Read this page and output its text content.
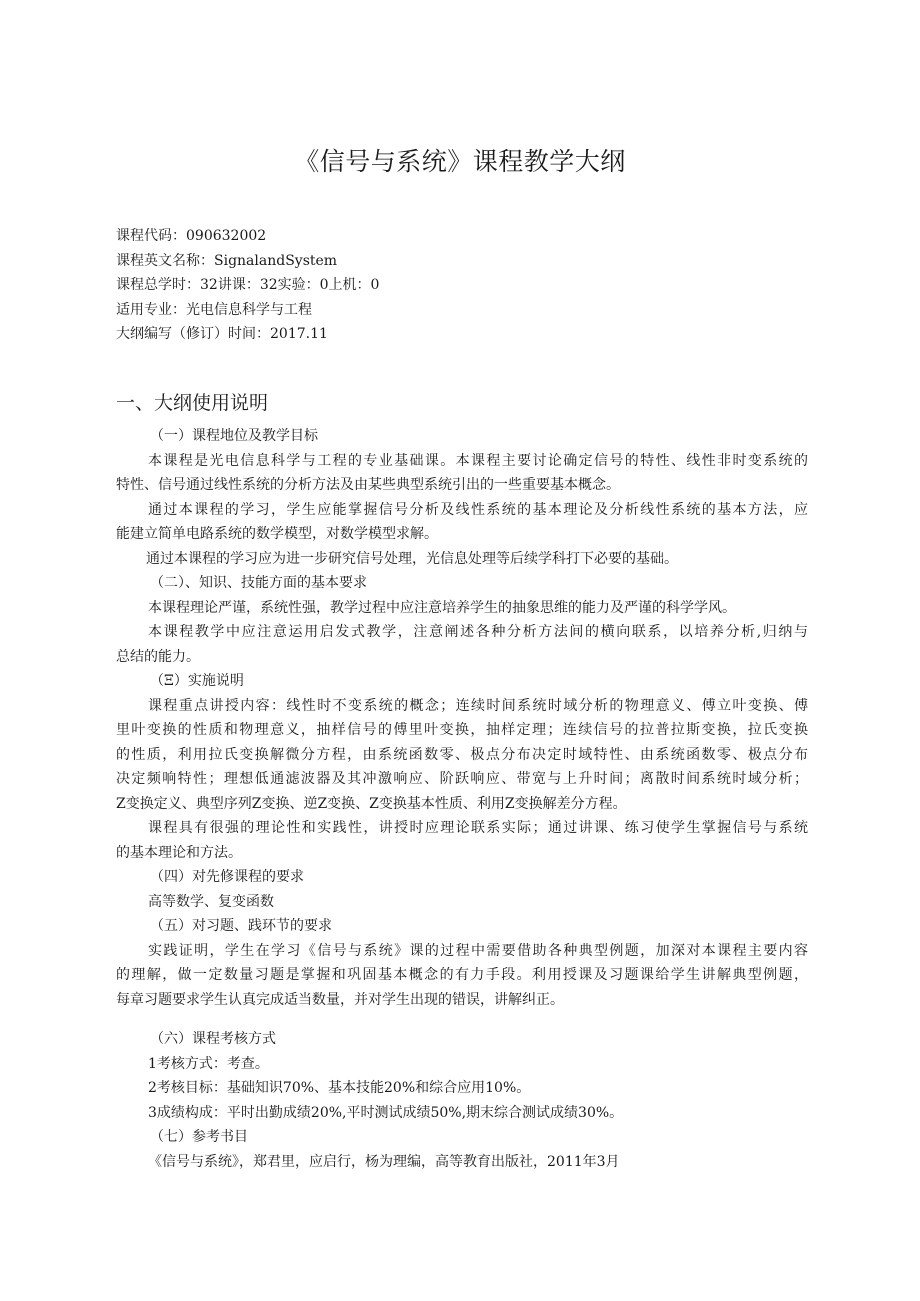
《信号与系统》课程教学大纲
课程代码：090632002
课程英文名称：SignalandSystem
课程总学时：32讲课：32实验：0上机：0
适用专业：光电信息科学与工程
大纲编写（修订）时间：2017.11
一、大纲使用说明
（一）课程地位及教学目标
本课程是光电信息科学与工程的专业基础课。本课程主要讨论确定信号的特性、线性非时变系统的
特性、信号通过线性系统的分析方法及由某些典型系统引出的一些重要基本概念。
通过本课程的学习，学生应能掌握信号分析及线性系统的基本理论及分析线性系统的基本方法，应
能建立简单电路系统的数学模型，对数学模型求解。
通过本课程的学习应为进一步研究信号处理，光信息处理等后续学科打下必要的基础。
（二）、知识、技能方面的基本要求
本课程理论严谨，系统性强，教学过程中应注意培养学生的抽象思维的能力及严谨的科学学风。
本课程教学中应注意运用启发式教学，注意阐述各种分析方法间的横向联系，以培养分析,归纳与
总结的能力。
（Ξ）实施说明
课程重点讲授内容：线性时不变系统的概念；连续时间系统时域分析的物理意义、傅立叶变换、傅
里叶变换的性质和物理意义，抽样信号的傅里叶变换，抽样定理；连续信号的拉普拉斯变换，拉氏变换
的性质，利用拉氏变换解微分方程，由系统函数零、极点分布决定时域特性、由系统函数零、极点分布
决定频响特性；理想低通滤波器及其冲激响应、阶跃响应、带宽与上升时间；离散时间系统时域分析；
Z变换定义、典型序列Z变换、逆Z变换、Z变换基本性质、利用Z变换解差分方程。
课程具有很强的理论性和实践性，讲授时应理论联系实际；通过讲课、练习使学生掌握信号与系统
的基本理论和方法。
（四）对先修课程的要求
高等数学、复变函数
（五）对习题、践环节的要求
实践证明，学生在学习《信号与系统》课的过程中需要借助各种典型例题，加深对本课程主要内容
的理解，做一定数量习题是掌握和巩固基本概念的有力手段。利用授课及习题课给学生讲解典型例题，
每章习题要求学生认真完成适当数量，并对学生出现的错误，讲解纠正。
（六）课程考核方式
1考核方式：考查。
2考核目标：基础知识70%、基本技能20%和综合应用10%。
3成绩构成：平时出勤成绩20%,平时测试成绩50%,期末综合测试成绩30%。
（七）参考书目
《信号与系统》，郑君里，应启行，杨为理编，高等教育出版社，2011年3月
